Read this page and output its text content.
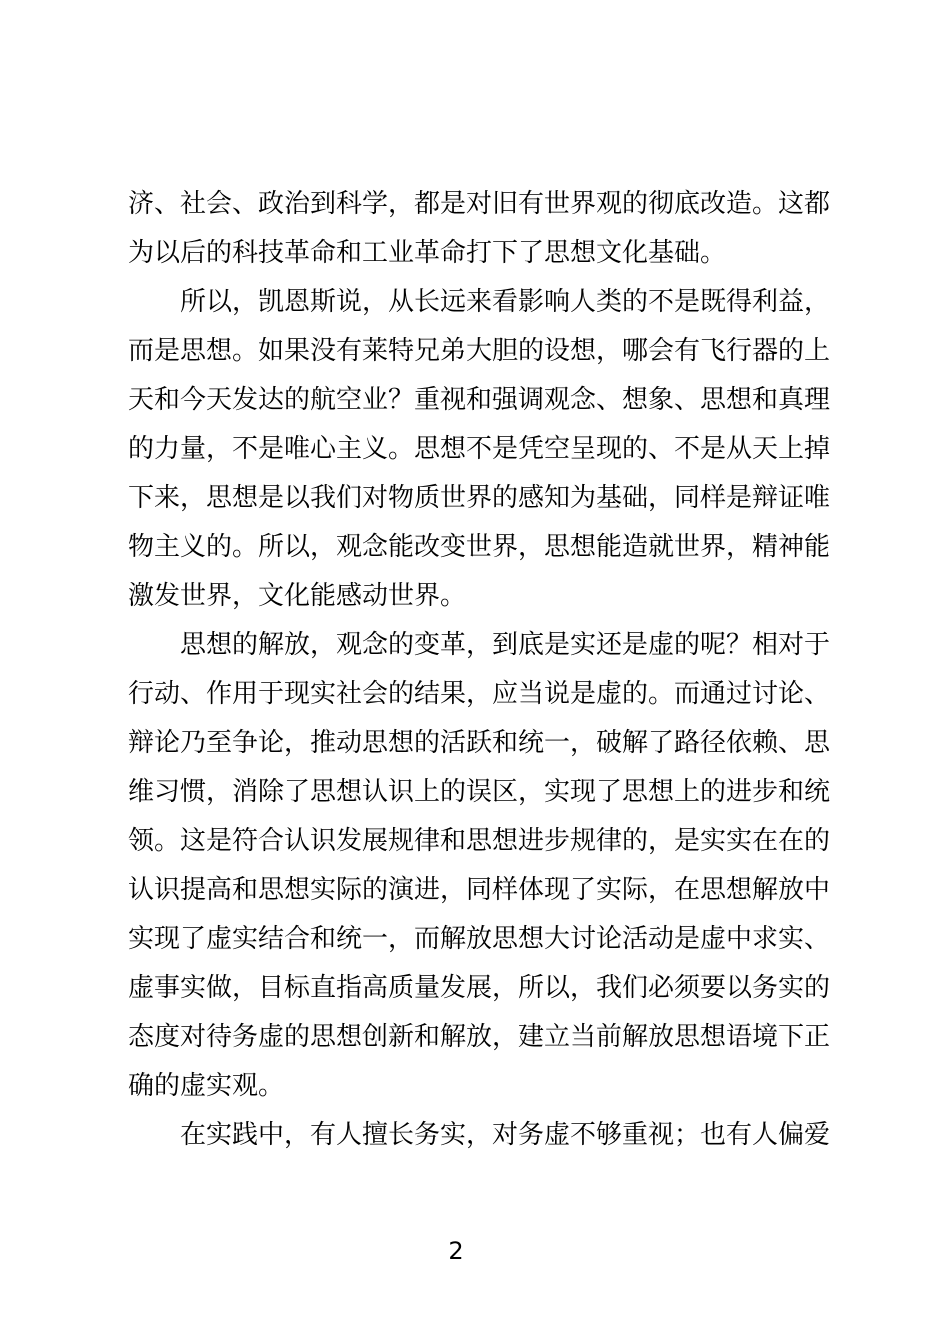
济、社会、政治到科学，都是对旧有世界观的彻底改造。这都
为以后的科技革命和工业革命打下了思想文化基础。
　　所以，凯恩斯说，从长远来看影响人类的不是既得利益，
而是思想。如果没有莱特兄弟大胆的设想，哪会有飞行器的上
天和今天发达的航空业？重视和强调观念、想象、思想和真理
的力量，不是唯心主义。思想不是凭空呈现的、不是从天上掉
下来，思想是以我们对物质世界的感知为基础，同样是辩证唯
物主义的。所以，观念能改变世界，思想能造就世界，精神能
激发世界，文化能感动世界。
　　思想的解放，观念的变革，到底是实还是虚的呢？相对于
行动、作用于现实社会的结果，应当说是虚的。而通过讨论、
辩论乃至争论，推动思想的活跃和统一，破解了路径依赖、思
维习惯，消除了思想认识上的误区，实现了思想上的进步和统
领。这是符合认识发展规律和思想进步规律的，是实实在在的
认识提高和思想实际的演进，同样体现了实际，在思想解放中
实现了虚实结合和统一，而解放思想大讨论活动是虚中求实、
虚事实做，目标直指高质量发展，所以，我们必须要以务实的
态度对待务虚的思想创新和解放，建立当前解放思想语境下正
确的虚实观。
　　在实践中，有人擅长务实，对务虚不够重视；也有人偏爱
2
